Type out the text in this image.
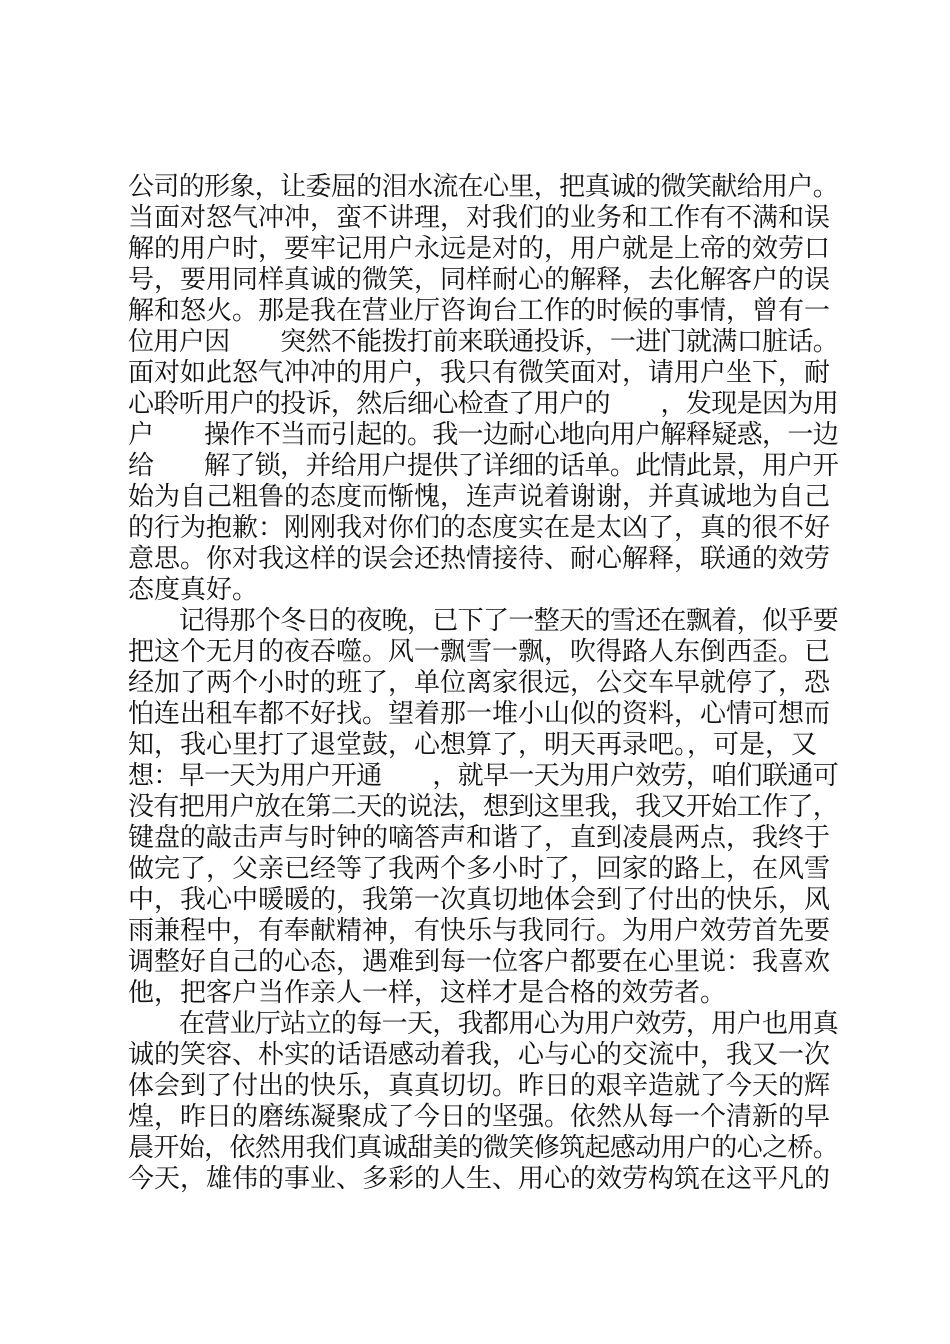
公司的形象，让委屈的泪水流在心里，把真诚的微笑献给用户。
当面对怒气冲冲，蛮不讲理，对我们的业务和工作有不满和误
解的用户时，要牢记用户永远是对的，用户就是上帝的效劳口
号，要用同样真诚的微笑，同样耐心的解释，去化解客户的误
解和怒火。那是我在营业厅咨询台工作的时候的事情，曾有一
位用户因　　突然不能拨打前来联通投诉，一进门就满口脏话。
面对如此怒气冲冲的用户，我只有微笑面对，请用户坐下，耐
心聆听用户的投诉，然后细心检查了用户的　　，发现是因为用
户　　操作不当而引起的。我一边耐心地向用户解释疑惑，一边
给　　解了锁，并给用户提供了详细的话单。此情此景，用户开
始为自己粗鲁的态度而惭愧，连声说着谢谢，并真诚地为自己
的行为抱歉：刚刚我对你们的态度实在是太凶了，真的很不好
意思。你对我这样的误会还热情接待、耐心解释，联通的效劳
态度真好。
　　记得那个冬日的夜晚，已下了一整天的雪还在飘着，似乎要
把这个无月的夜吞噬。风一飘雪一飘，吹得路人东倒西歪。已
经加了两个小时的班了，单位离家很远，公交车早就停了，恐
怕连出租车都不好找。望着那一堆小山似的资料，心情可想而
知，我心里打了退堂鼓，心想算了，明天再录吧。，可是，又
想：早一天为用户开通　　，就早一天为用户效劳，咱们联通可
没有把用户放在第二天的说法，想到这里我，我又开始工作了，
键盘的敲击声与时钟的嘀答声和谐了，直到凌晨两点，我终于
做完了，父亲已经等了我两个多小时了，回家的路上，在风雪
中，我心中暖暖的，我第一次真切地体会到了付出的快乐，风
雨兼程中，有奉献精神，有快乐与我同行。为用户效劳首先要
调整好自己的心态，遇难到每一位客户都要在心里说：我喜欢
他，把客户当作亲人一样，这样才是合格的效劳者。
　　在营业厅站立的每一天，我都用心为用户效劳，用户也用真
诚的笑容、朴实的话语感动着我，心与心的交流中，我又一次
体会到了付出的快乐，真真切切。昨日的艰辛造就了今天的辉
煌，昨日的磨练凝聚成了今日的坚强。依然从每一个清新的早
晨开始，依然用我们真诚甜美的微笑修筑起感动用户的心之桥。
今天，雄伟的事业、多彩的人生、用心的效劳构筑在这平凡的
